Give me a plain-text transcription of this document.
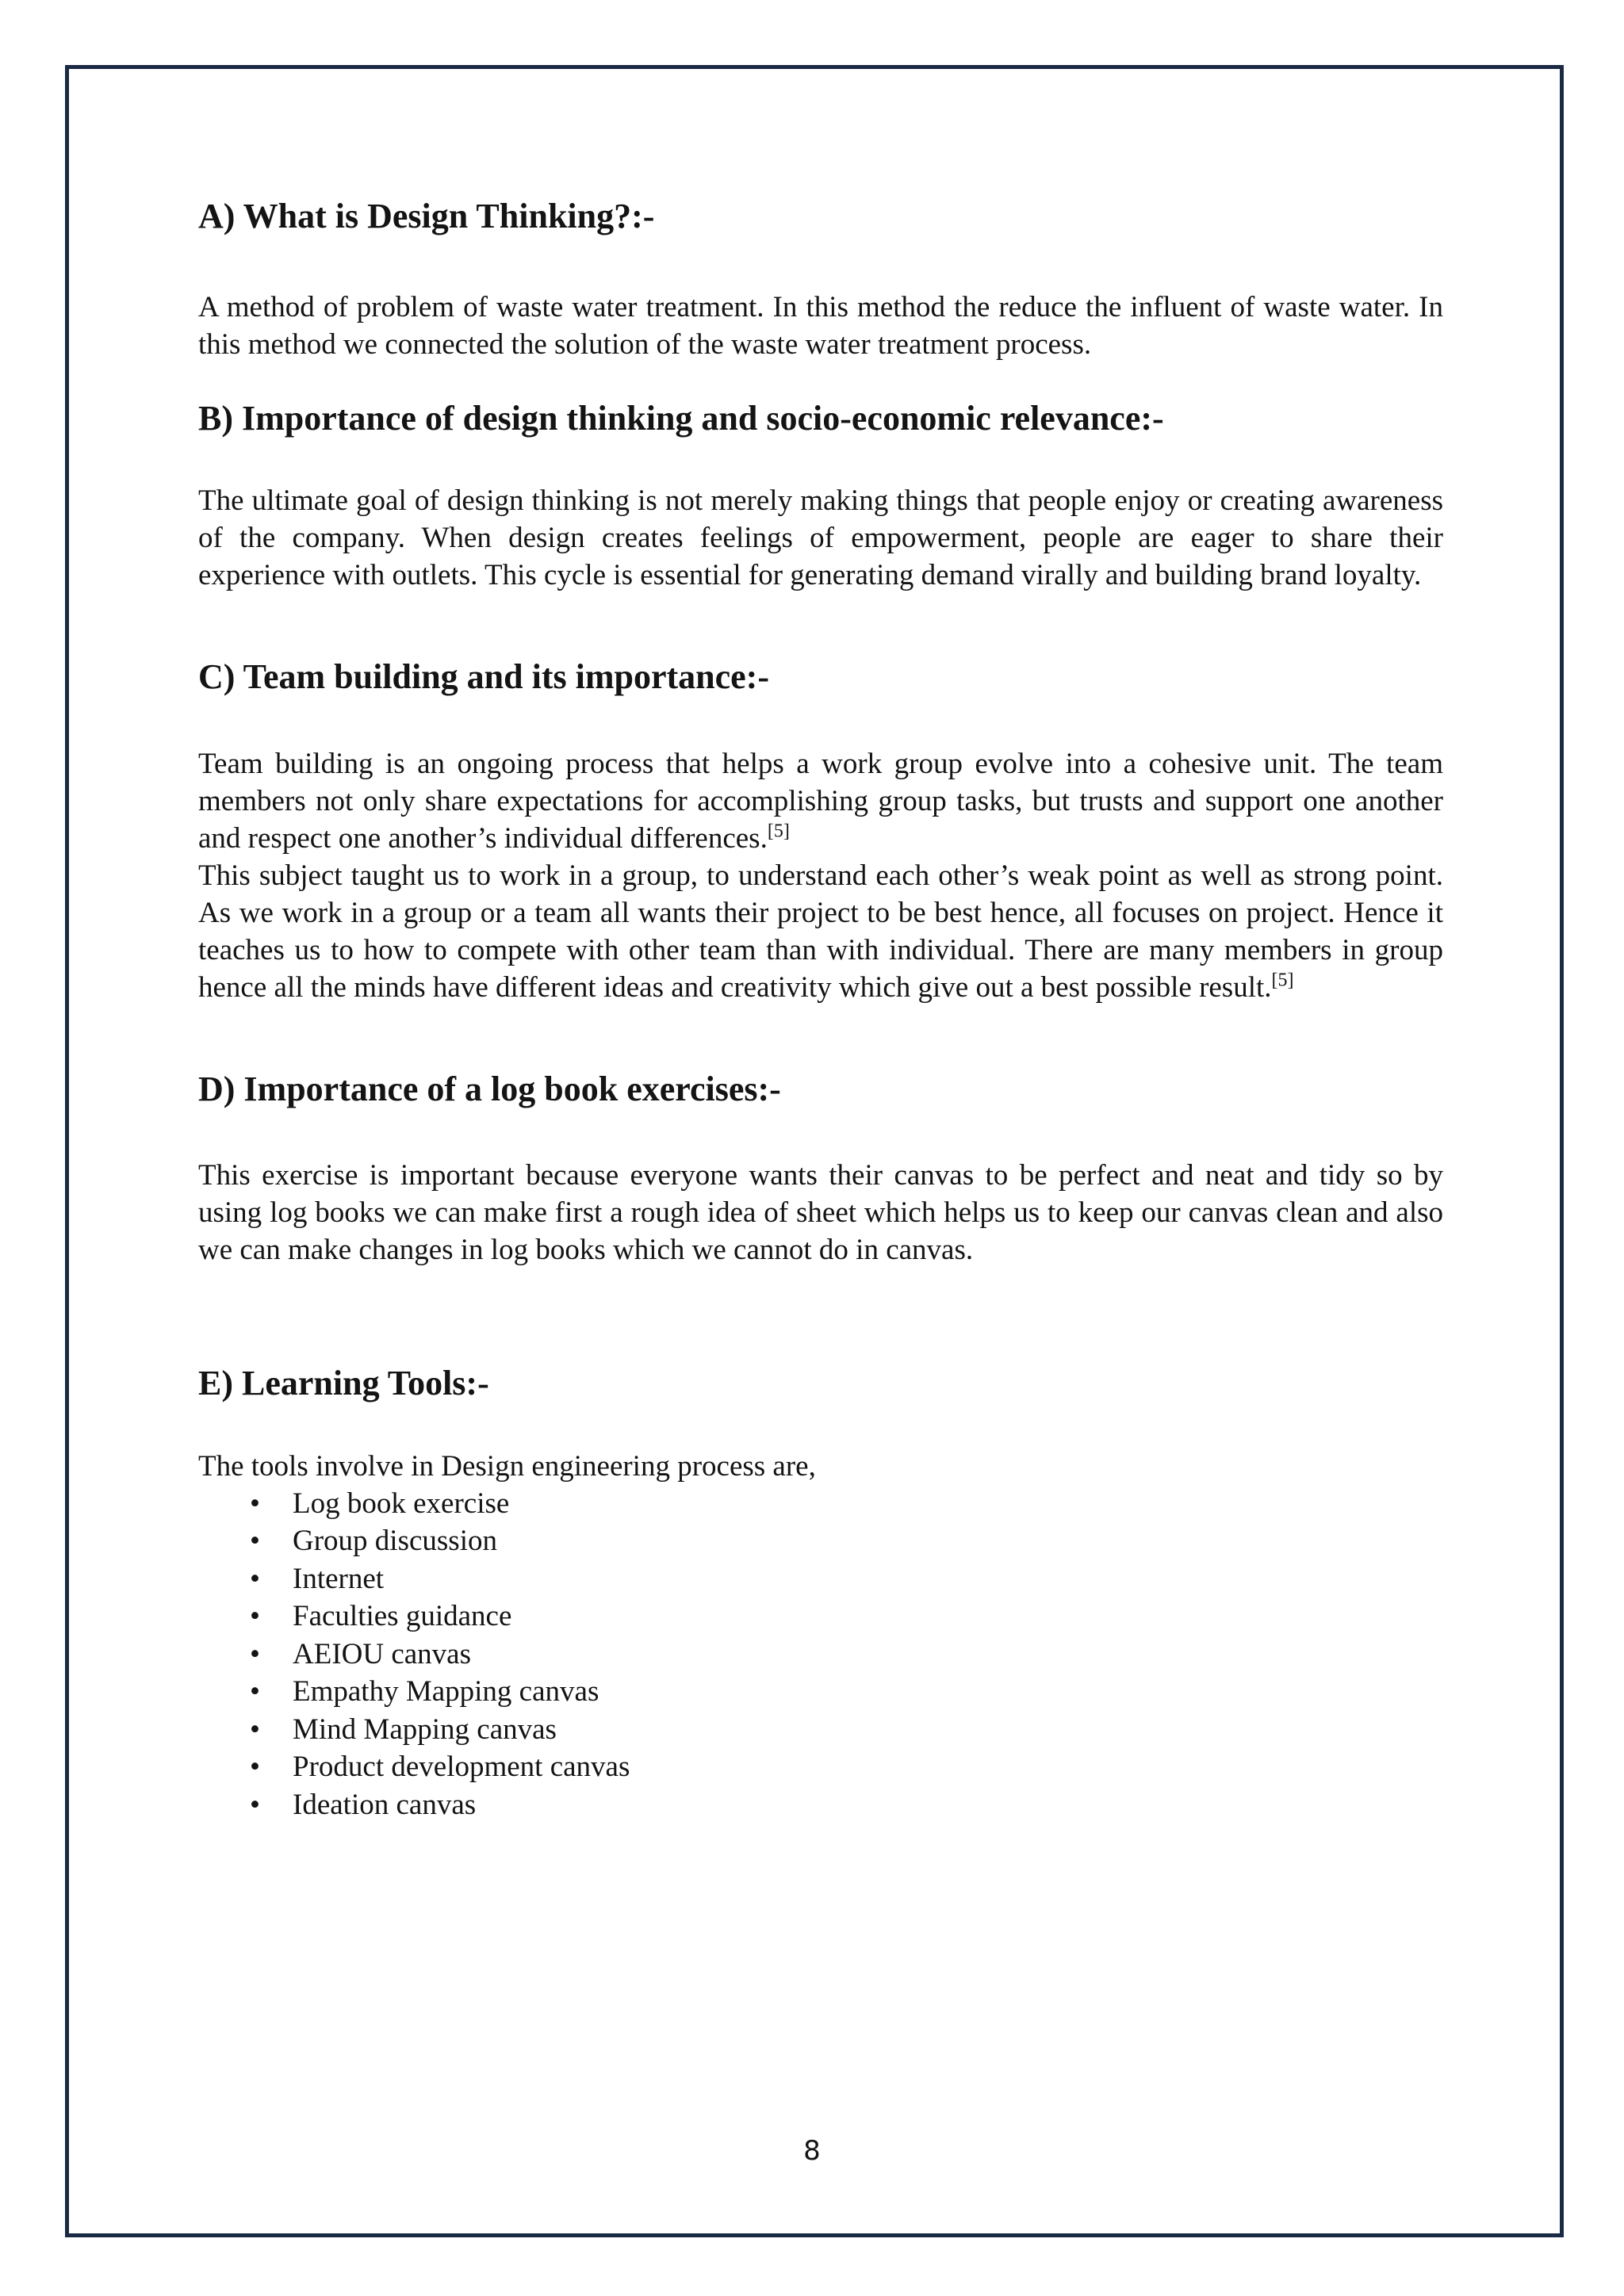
A) What is Design Thinking?:-

A method of problem of waste water treatment. In this method the reduce the influent of waste water. In this method we connected the solution of the waste water treatment process.

B) Importance of design thinking and socio-economic relevance:-

The ultimate goal of design thinking is not merely making things that people enjoy or creating awareness of the company. When design creates feelings of empowerment, people are eager to share their experience with outlets. This cycle is essential for generating demand virally and building brand loyalty.

C) Team building and its importance:-

Team building is an ongoing process that helps a work group evolve into a cohesive unit. The team members not only share expectations for accomplishing group tasks, but trusts and support one another and respect one another’s individual differences.[5]

This subject taught us to work in a group, to understand each other’s weak point as well as strong point. As we work in a group or a team all wants their project to be best hence, all focuses on project. Hence it teaches us to how to compete with other team than with individual. There are many members in group hence all the minds have different ideas and creativity which give out a best possible result.[5]

D) Importance of a log book exercises:-

This exercise is important because everyone wants their canvas to be perfect and neat and tidy so by using log books we can make first a rough idea of sheet which helps us to keep our canvas clean and also we can make changes in log books which we cannot do in canvas.

E) Learning Tools:-

The tools involve in Design engineering process are,

• Log book exercise
• Group discussion
• Internet
• Faculties guidance
• AEIOU canvas
• Empathy Mapping canvas
• Mind Mapping canvas
• Product development canvas
• Ideation canvas
8
